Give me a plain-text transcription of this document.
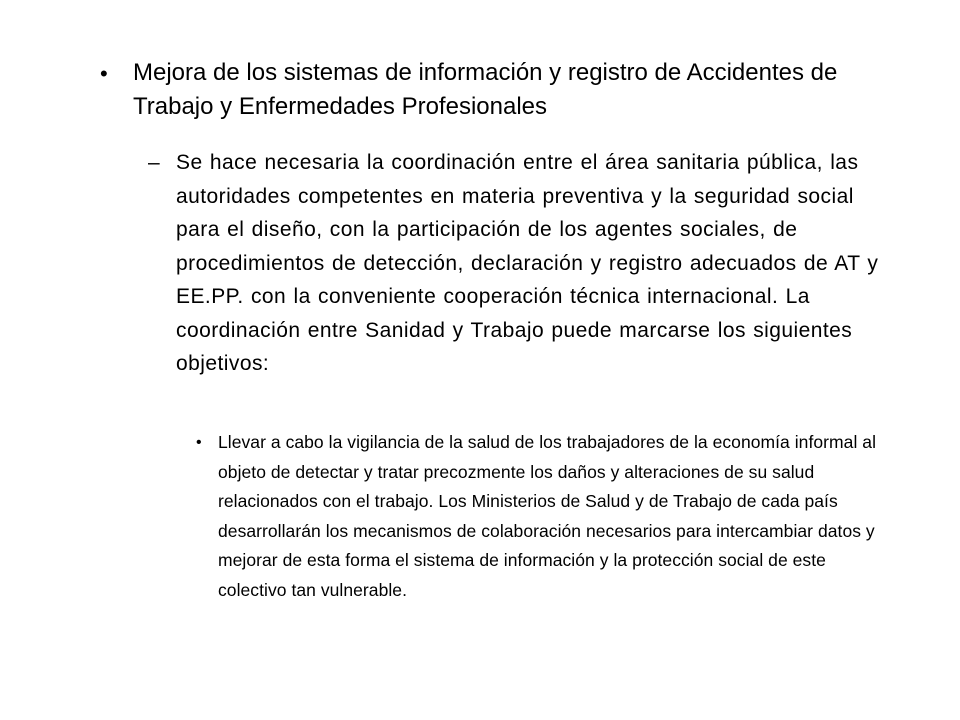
• Mejora de los sistemas de información y registro de Accidentes de Trabajo y Enfermedades Profesionales
– Se hace necesaria la coordinación entre el área sanitaria pública, las autoridades competentes en materia preventiva y la seguridad social para el diseño, con la participación de los agentes sociales, de procedimientos de detección, declaración y registro adecuados de AT y EE.PP. con la conveniente cooperación técnica internacional. La coordinación entre Sanidad y Trabajo puede marcarse los siguientes objetivos:
• Llevar a cabo la vigilancia de la salud de los trabajadores de la economía informal al objeto de detectar y tratar precozmente los daños y alteraciones de su salud relacionados con el trabajo. Los Ministerios de Salud y de Trabajo de cada país desarrollarán los mecanismos de colaboración necesarios para intercambiar datos y mejorar de esta forma el sistema de información y la protección social de este colectivo tan vulnerable.
